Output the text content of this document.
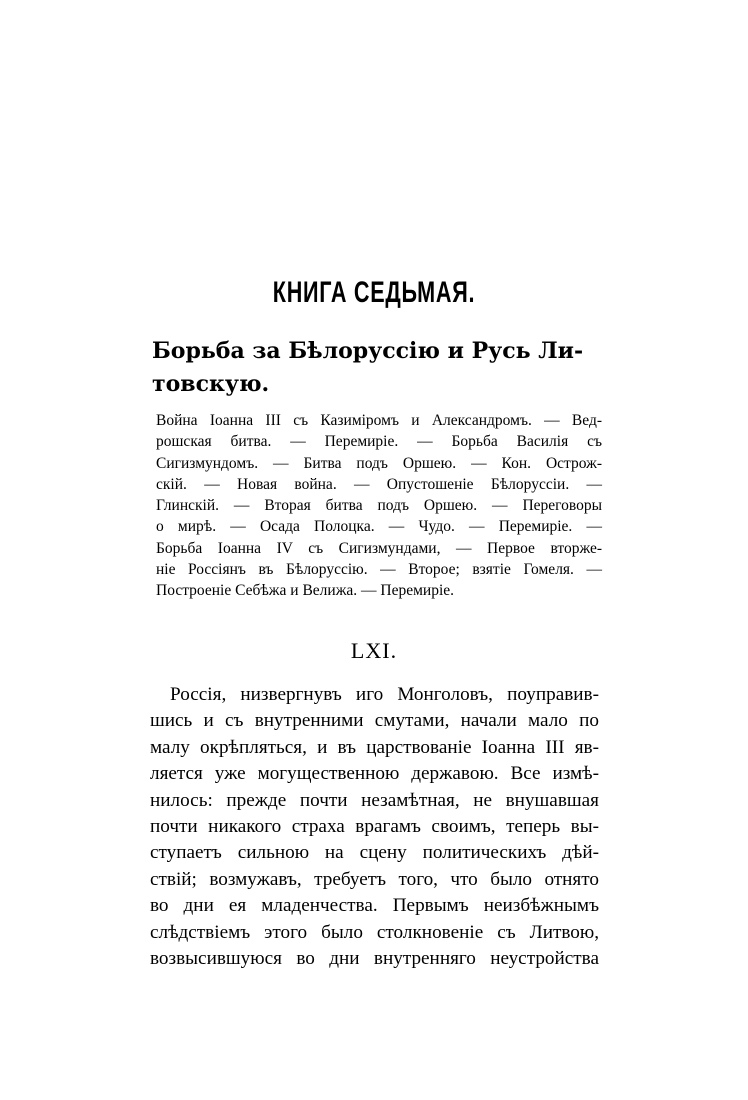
КНИГА СЕДЬМАЯ.
Борьба за Бѣлоруссію и Русь Ли-
товскую.
Война Іоанна III съ Казиміромъ и Александромъ. — Вед-
рошская битва. — Перемиріе. — Борьба Василія съ
Сигизмундомъ. — Битва подъ Оршею. — Кон. Острож-
скій. — Новая война. — Опустошеніе Бѣлоруссіи. —
Глинскій. — Вторая битва подъ Оршею. — Переговоры
о мирѣ. — Осада Полоцка. — Чудо. — Перемиріе. —
Борьба Іоанна IV съ Сигизмундами, — Первое вторже-
ніе Россіянъ въ Бѣлоруссію. — Второе; взятіе Гомеля. —
Построеніе Себѣжа и Велижа. — Перемиріе.
LXI.
Россія, низвергнувъ иго Монголовъ, поуправив-
шись и съ внутренними смутами, начали мало по
малу окрѣпляться, и въ царствованіе Іоанна III яв-
ляется уже могущественною державою. Все измѣ-
нилось: прежде почти незамѣтная, не внушавшая
почти никакого страха врагамъ своимъ, теперь вы-
ступаетъ сильною на сцену политическихъ дѣй-
ствій; возмужавъ, требуетъ того, что было отнято
во дни ея младенчества. Первымъ неизбѣжнымъ
слѣдствіемъ этого было столкновеніе съ Литвою,
возвысившуюся во дни внутренняго неустройства
